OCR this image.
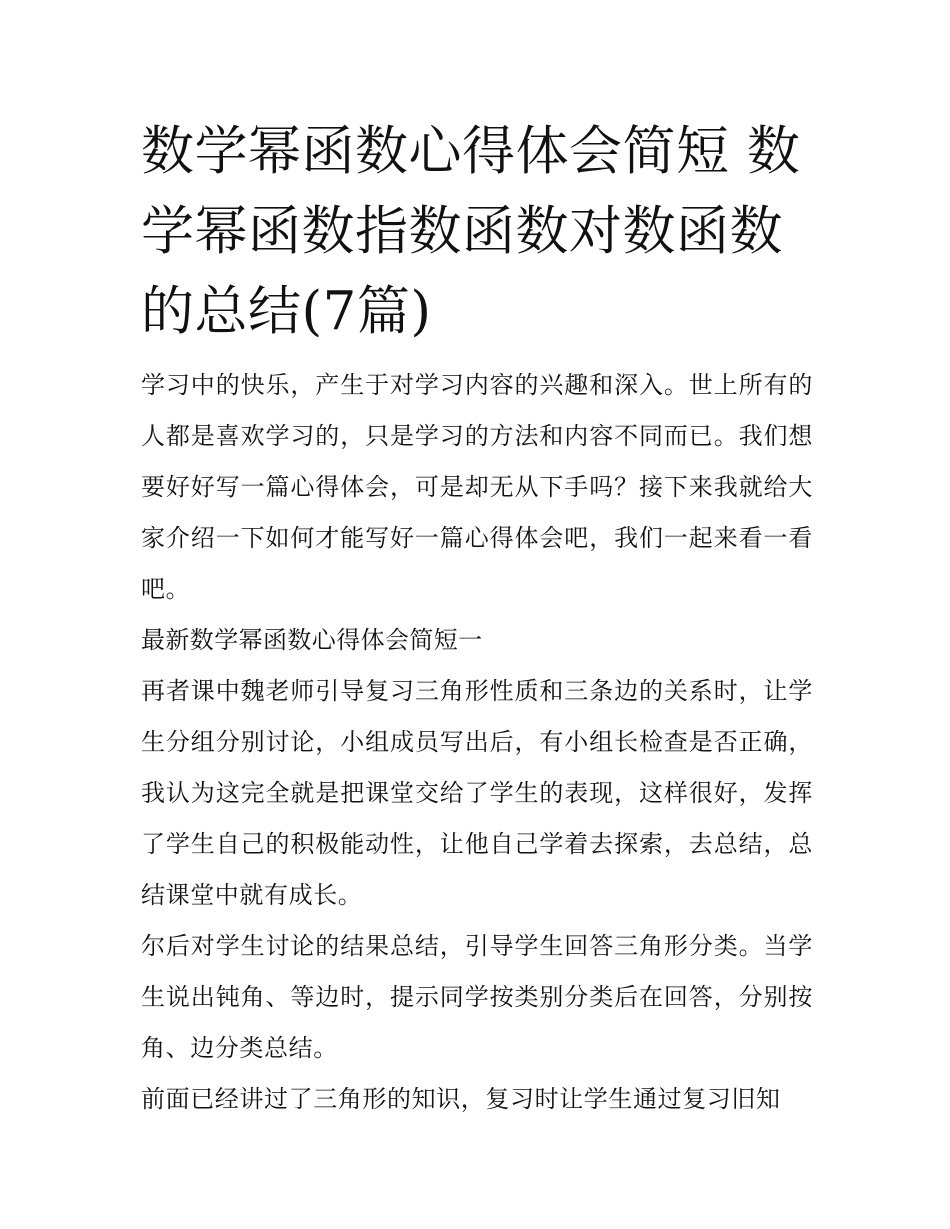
数学幂函数心得体会简短 数学幂函数指数函数对数函数的总结(7篇)

学习中的快乐，产生于对学习内容的兴趣和深入。世上所有的人都是喜欢学习的，只是学习的方法和内容不同而已。我们想要好好写一篇心得体会，可是却无从下手吗？接下来我就给大家介绍一下如何才能写好一篇心得体会吧，我们一起来看一看吧。

最新数学幂函数心得体会简短一

再者课中魏老师引导复习三角形性质和三条边的关系时，让学生分组分别讨论，小组成员写出后，有小组长检查是否正确，我认为这完全就是把课堂交给了学生的表现，这样很好，发挥了学生自己的积极能动性，让他自己学着去探索，去总结，总结课堂中就有成长。

尔后对学生讨论的结果总结，引导学生回答三角形分类。当学生说出钝角、等边时，提示同学按类别分类后在回答，分别按角、边分类总结。

前面已经讲过了三角形的知识，复习时让学生通过复习旧知
